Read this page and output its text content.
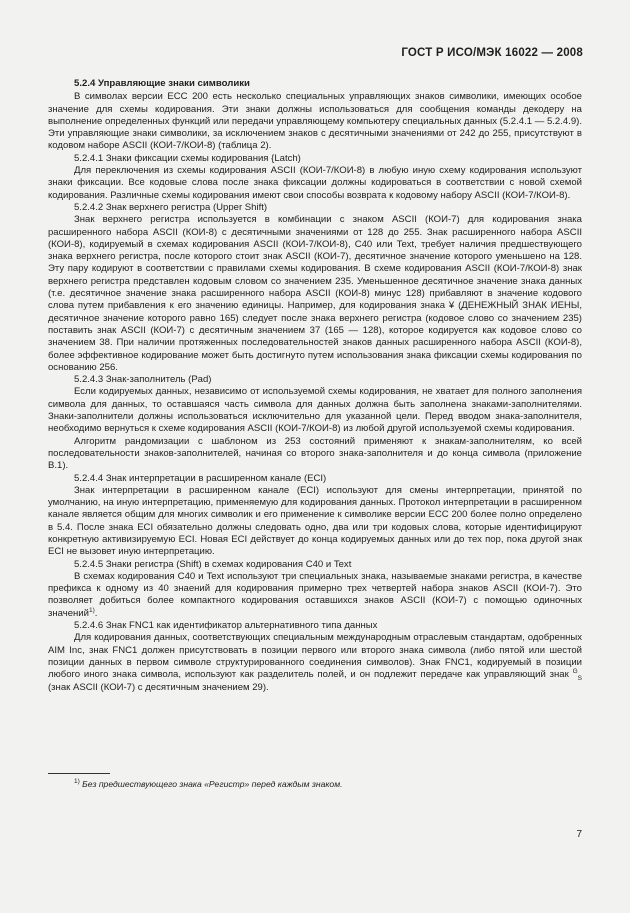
ГОСТ Р ИСО/МЭК 16022 — 2008
5.2.4 Управляющие знаки символики

В символах версии ЕСС 200 есть несколько специальных управляющих знаков символики, имеющих особое значение для схемы кодирования. Эти знаки должны использоваться для сообщения команды декодеру на выполнение определенных функций или передачи управляющему компьютеру специальных данных (5.2.4.1 — 5.2.4.9). Эти управляющие знаки символики, за исключением знаков с десятичными значениями от 242 до 255, присутствуют в кодовом наборе ASCII (КОИ-7/КОИ-8) (таблица 2).

5.2.4.1 Знаки фиксации схемы кодирования {Latch)

Для переключения из схемы кодирования ASCII (КОИ-7/КОИ-8) в любую иную схему кодирования используют знаки фиксации. Все кодовые слова после знака фиксации должны кодироваться в соответствии с новой схемой кодирования. Различные схемы кодирования имеют свои способы возврата к кодовому набору ASCII (КОИ-7/КОИ-8).

5.2.4.2 Знак верхнего регистра (Upper Shift)

Знак верхнего регистра используется в комбинации с знаком ASCII (КОИ-7) для кодирования знака расширенного набора ASCII (КОИ-8) с десятичными значениями от 128 до 255. Знак расширенного набора ASCII (КОИ-8), кодируемый в схемах кодирования ASCII (КОИ-7/КОИ-8), C40 или Text, требует наличия предшествующего знака верхнего регистра, после которого стоит знак ASCII (КОИ-7), десятичное значение которого уменьшено на 128. Эту пару кодируют в соответствии с правилами схемы кодирования. В схеме кодирования ASCII (КОИ-7/КОИ-8) знак верхнего регистра представлен кодовым словом со значением 235. Уменьшенное десятичное значение знака данных (т.е. десятичное значение знака расширенного набора ASCII (КОИ-8) минус 128) прибавляют в значение кодового слова путем прибавления к его значению единицы. Например, для кодирования знака ¥ (ДЕНЕЖНЫЙ ЗНАК ИЕНЫ, десятичное значение которого равно 165) следует после знака верхнего регистра (кодовое слово со значением 235) поставить знак ASCII (КОИ-7) с десятичным значением 37 (165 — 128), которое кодируется как кодовое слово со значением 38. При наличии протяженных последовательностей знаков данных расширенного набора ASCII (КОИ-8), более эффективное кодирование может быть достигнуто путем использования знака фиксации схемы кодирования по основанию 256.

5.2.4.3 Знак-заполнитель (Pad)

Если кодируемых данных, независимо от используемой схемы кодирования, не хватает для полного заполнения символа для данных, то оставшаяся часть символа для данных должна быть заполнена знаками-заполнителями. Знаки-заполнители должны использоваться исключительно для указанной цели. Перед вводом знака-заполнителя, необходимо вернуться к схеме кодирования ASCII (КОИ-7/КОИ-8) из любой другой используемой схемы кодирования.

Алгоритм рандомизации с шаблоном из 253 состояний применяют к знакам-заполнителям, ко всей последовательности знаков-заполнителей, начиная со второго знака-заполнителя и до конца символа (приложение В.1).

5.2.4.4 Знак интерпретации в расширенном канале (ECI)

Знак интерпретации в расширенном канале (ECI) используют для смены интерпретации, принятой по умолчанию, на иную интерпретацию, применяемую для кодирования данных. Протокол интерпретации в расширенном канале является общим для многих символик и его применение к символике версии ЕСС 200 более полно определено в 5.4. После знака ECI обязательно должны следовать одно, два или три кодовых слова, которые идентифицируют конкретную активизируемую ECI. Новая ECI действует до конца кодируемых данных или до тех пор, пока другой знак ECI не вызовет иную интерпретацию.

5.2.4.5 Знаки регистра (Shift) в схемах кодирования C40 и Text

В схемах кодирования C40 и Text используют три специальных знака, называемые знаками регистра, в качестве префикса к одному из 40 знаений для кодирования примерно трех четвертей набора знаков ASCII (КОИ-7). Это позволяет добиться более компактного кодирования оставшихся знаков ASCII (КОИ-7) с помощью одиночных значений$^{1)}$.

5.2.4.6 Знак FNC1 как идентификатор альтернативного типа данных

Для кодирования данных, соответствующих специальным международным отраслевым стандартам, одобренных AIM Inc, знак FNC1 должен присутствовать в позиции первого или второго знака символа (либо пятой или шестой позиции данных в первом символе структурированного соединения символов). Знак FNC1, кодируемый в позиции любого иного знака символа, используют как разделитель полей, и он подлежит передаче как управляющий знак $^G_S$ (знак ASCII (КОИ-7) с десятичным значением 29).

$^{1)}$ Без предшествующего знака «Регистр» перед каждым знаком.
7
